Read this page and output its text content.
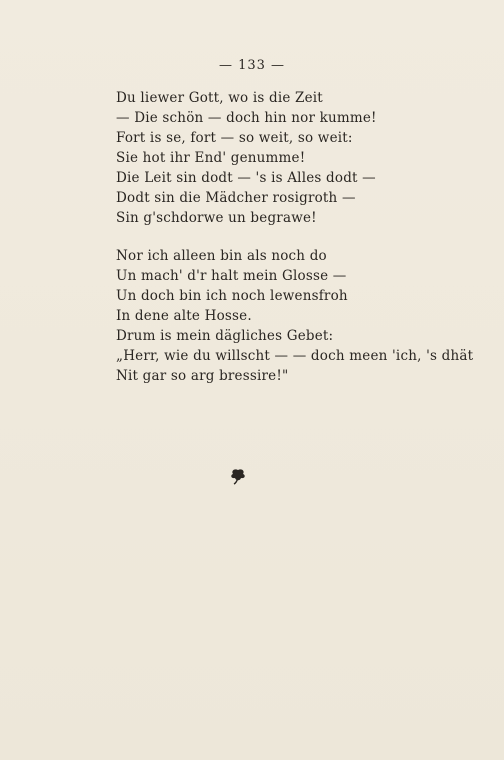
— 133 —
Du liewer Gott, wo is die Zeit
— Die schön — doch hin nor kumme!
Fort is se, fort — so weit, so weit:
Sie hot ihr End' genumme!
Die Leit sin dodt — 's is Alles dodt —
Dodt sin die Mädcher rosigroth —
Sin g'schdorwe un begrawe!
Nor ich alleen bin als noch do
Un mach' d'r halt mein Glosse —
Un doch bin ich noch lewensfroh
In dene alte Hosse.
Drum is mein dägliches Gebet:
„Herr, wie du willscht — — doch meen 'ich, 's dhät
Nit gar so arg bressire!"
